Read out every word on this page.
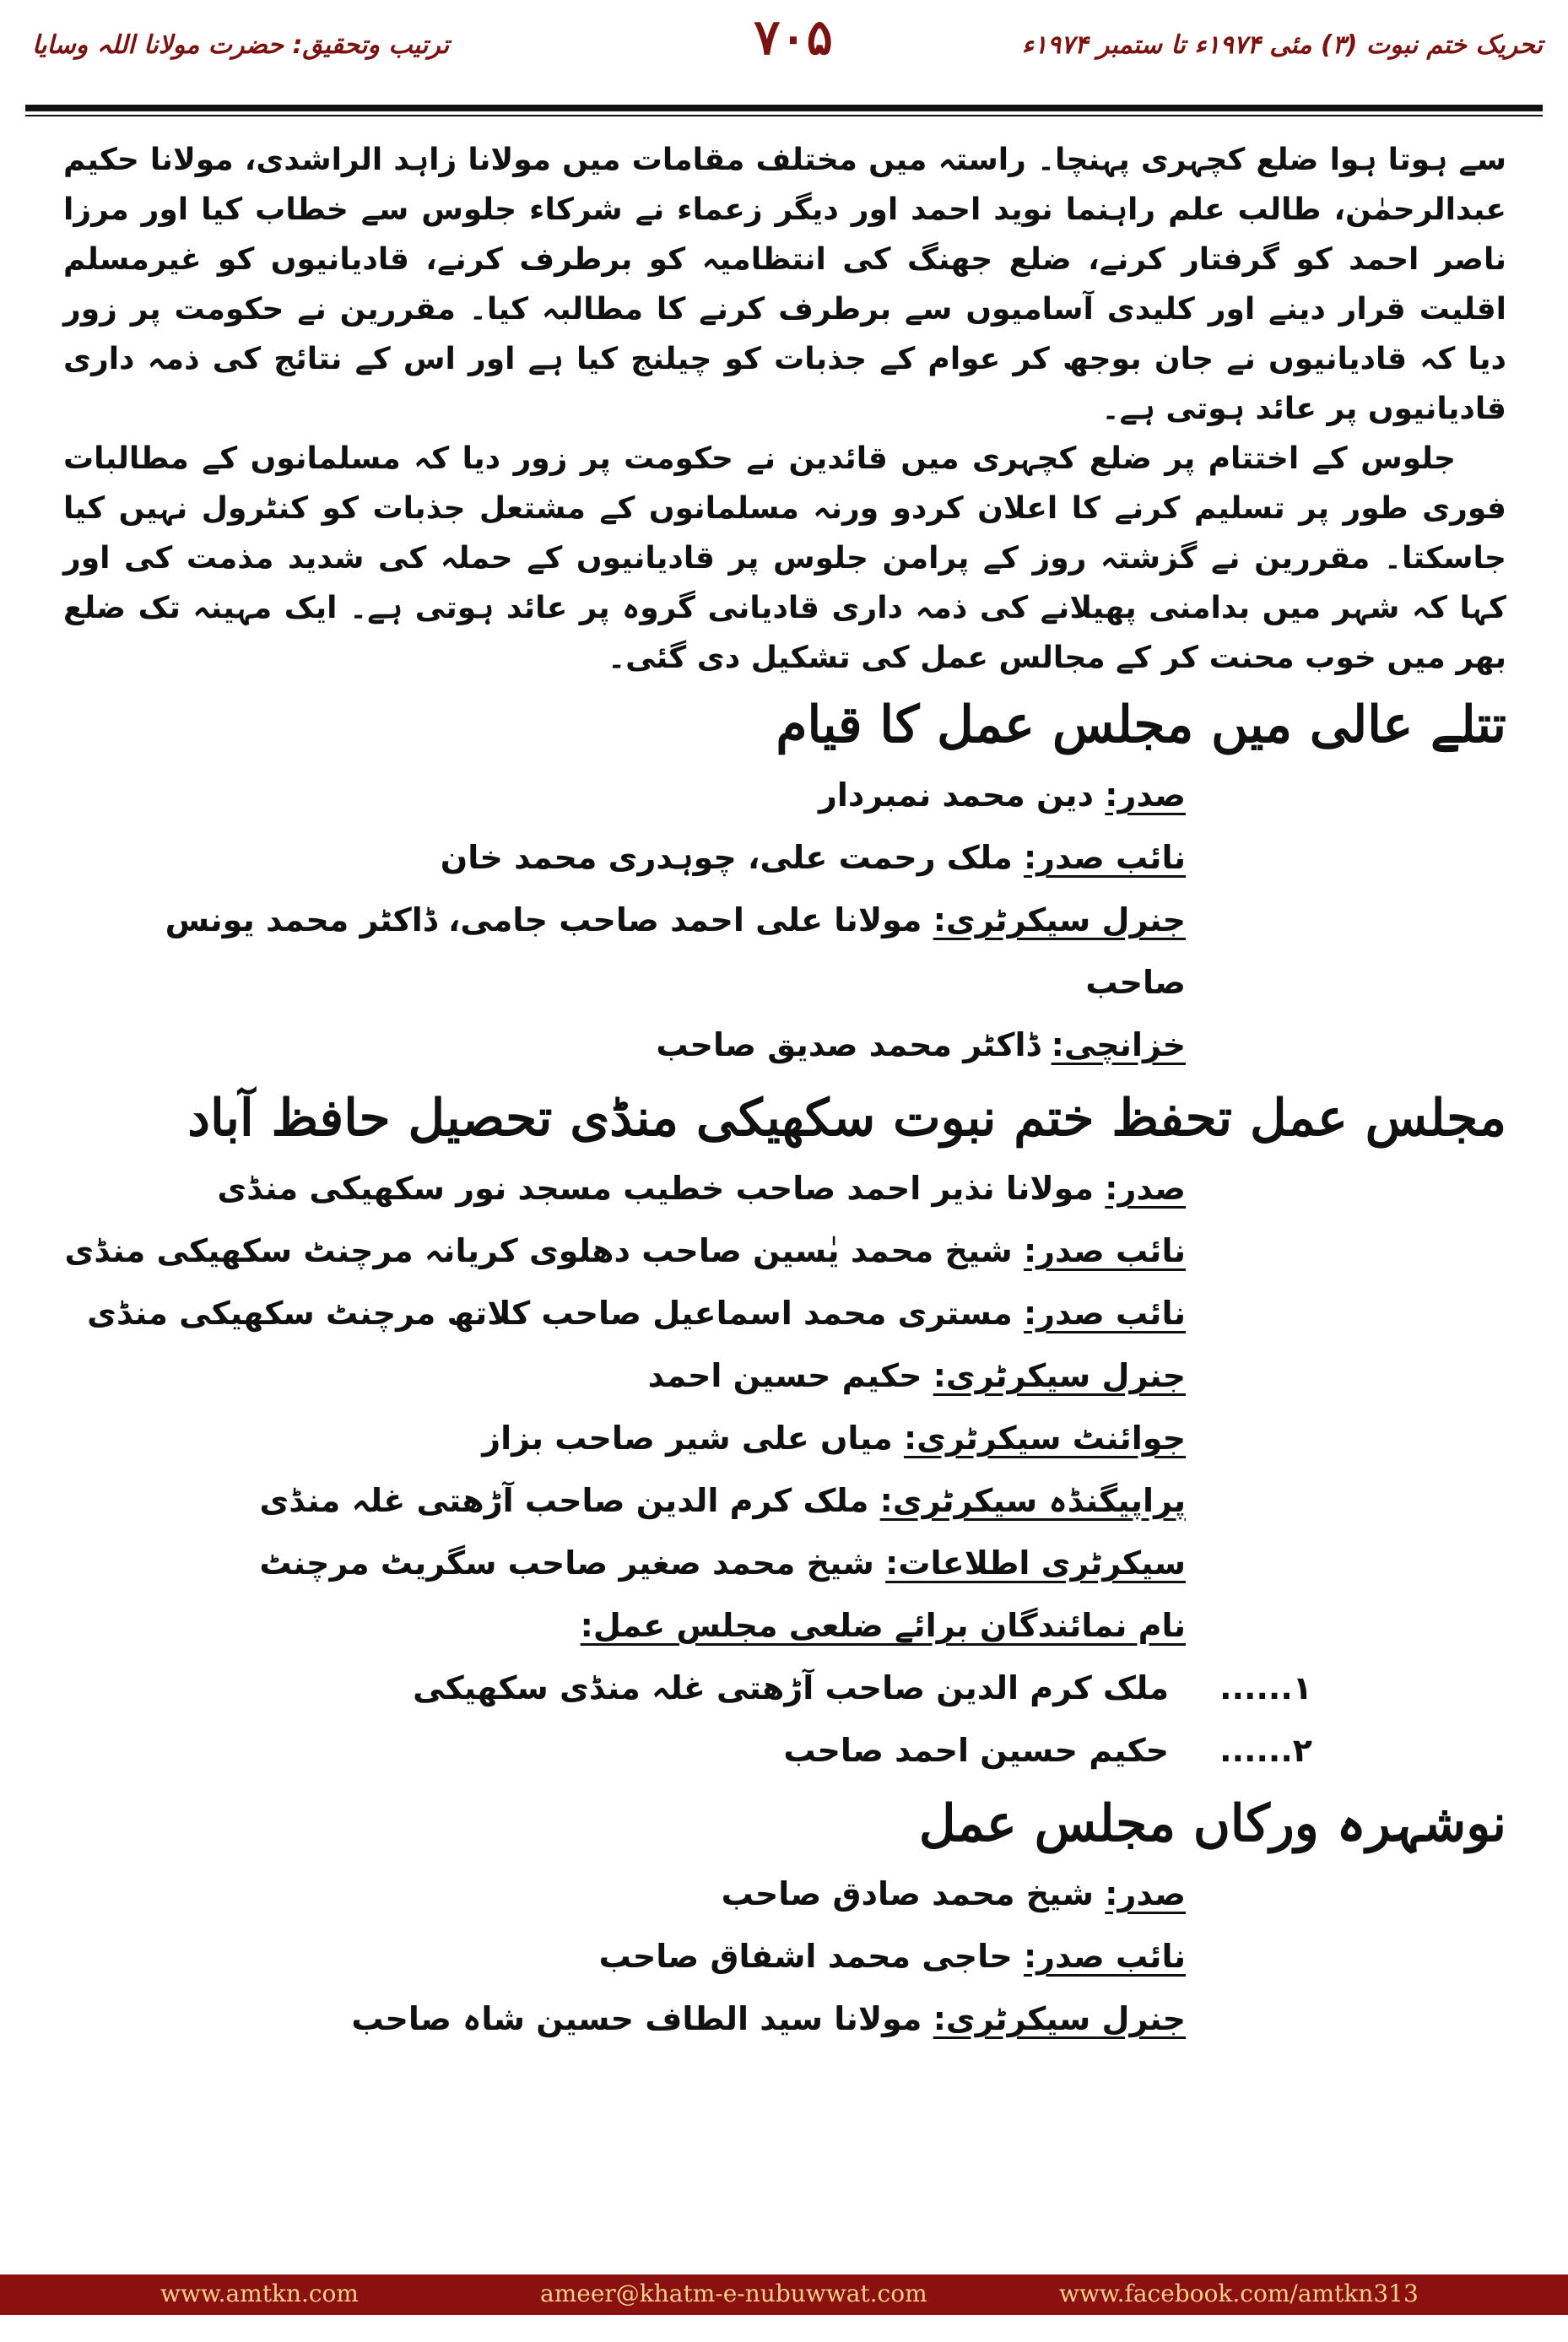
تحریک ختم نبوت (۳) مئی ۱۹۷۴ء تا ستمبر ۱۹۷۴ء
۷۰۵
ترتیب وتحقیق: حضرت مولانا اللہ وسایا

سے ہوتا ہوا ضلع کچہری پہنچا۔ راستہ میں مختلف مقامات میں مولانا زاہد الراشدی، مولانا حکیم عبدالرحمٰن، طالب علم راہنما نوید احمد اور دیگر زعماء نے شرکاء جلوس سے خطاب کیا اور مرزا ناصر احمد کو گرفتار کرنے، ضلع جھنگ کی انتظامیہ کو برطرف کرنے، قادیانیوں کو غیرمسلم اقلیت قرار دینے اور کلیدی آسامیوں سے برطرف کرنے کا مطالبہ کیا۔ مقررین نے حکومت پر زور دیا کہ قادیانیوں نے جان بوجھ کر عوام کے جذبات کو چیلنج کیا ہے اور اس کے نتائج کی ذمہ داری قادیانیوں پر عائد ہوتی ہے۔

جلوس کے اختتام پر ضلع کچہری میں قائدین نے حکومت پر زور دیا کہ مسلمانوں کے مطالبات فوری طور پر تسلیم کرنے کا اعلان کردو ورنہ مسلمانوں کے مشتعل جذبات کو کنٹرول نہیں کیا جاسکتا۔ مقررین نے گزشتہ روز کے پرامن جلوس پر قادیانیوں کے حملہ کی شدید مذمت کی اور کہا کہ شہر میں بدامنی پھیلانے کی ذمہ داری قادیانی گروہ پر عائد ہوتی ہے۔ ایک مہینہ تک ضلع بھر میں خوب محنت کر کے مجالس عمل کی تشکیل دی گئی۔

تتلے عالی میں مجلس عمل کا قیام
صدر: دین محمد نمبردار
نائب صدر: ملک رحمت علی، چوہدری محمد خان
جنرل سیکرٹری: مولانا علی احمد صاحب جامی، ڈاکٹر محمد یونس صاحب
خزانچی: ڈاکٹر محمد صدیق صاحب
مجلس عمل تحفظ ختم نبوت سکھیکی منڈی تحصیل حافظ آباد
صدر: مولانا نذیر احمد صاحب خطیب مسجد نور سکھیکی منڈی
نائب صدر: شیخ محمد یٰسین صاحب دھلوی کریانہ مرچنٹ سکھیکی منڈی
نائب صدر: مستری محمد اسماعیل صاحب کلاتھ مرچنٹ سکھیکی منڈی
جنرل سیکرٹری: حکیم حسین احمد
جوائنٹ سیکرٹری: میاں علی شیر صاحب بزاز
پراپیگنڈہ سیکرٹری: ملک کرم الدین صاحب آڑھتی غلہ منڈی
سیکرٹری اطلاعات: شیخ محمد صغیر صاحب سگریٹ مرچنٹ
نام نمائندگان برائے ضلعی مجلس عمل:
۱......
ملک کرم الدین صاحب آڑھتی غلہ منڈی سکھیکی
۲......
حکیم حسین احمد صاحب
نوشہرہ ورکاں مجلس عمل
صدر: شیخ محمد صادق صاحب
نائب صدر: حاجی محمد اشفاق صاحب
جنرل سیکرٹری: مولانا سید الطاف حسین شاہ صاحب
www.amtkn.com	ameer@khatm-e-nubuwwat.com	www.facebook.com/amtkn313
